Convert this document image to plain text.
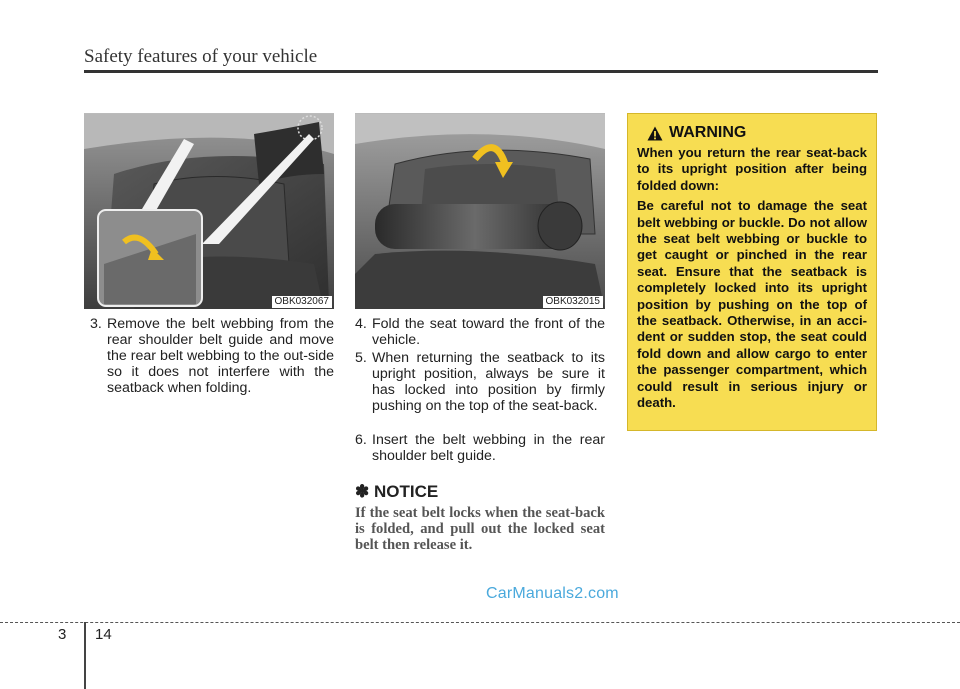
Safety features of your vehicle
OBK032067	OBK032015
3. Remove the belt webbing from the rear shoulder belt guide and move the rear belt webbing to the out-side so it does not interfere with the seatback when folding.
4. Fold the seat toward the front of the vehicle.
5. When returning the seatback to its upright position, always be sure it has locked into position by firmly pushing on the top of the seat-back.
6. Insert the belt webbing in the rear shoulder belt guide.
✽ NOTICE
If the seat belt locks when the seat-back is folded, and pull out the locked seat belt then release it.
WARNING

When you return the rear seat-back to its upright position after being folded down:

Be careful not to damage the seat belt webbing or buckle. Do not allow the seat belt webbing or buckle to get caught or pinched in the rear seat. Ensure that the seatback is completely locked into its upright position by pushing on the top of the seatback. Otherwise, in an acci-dent or sudden stop, the seat could fold down and allow cargo to enter the passenger compartment, which could result in serious injury or death.

CarManuals2.com
3 14
